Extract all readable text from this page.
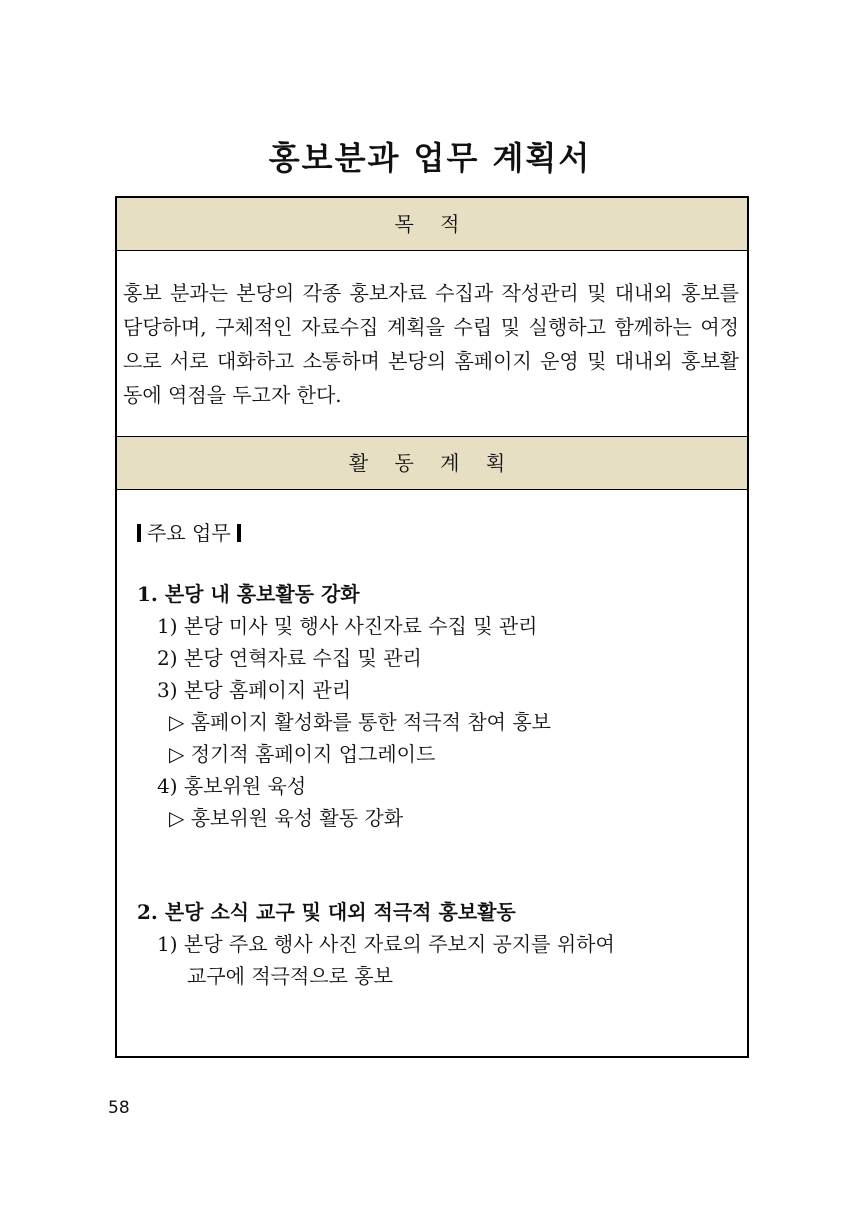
홍보분과 업무 계획서
목 적
홍보 분과는 본당의 각종 홍보자료 수집과 작성관리 및 대내외 홍보를 담당하며, 구체적인 자료수집 계획을 수립 및 실행하고 함께하는 여정으로 서로 대화하고 소통하며 본당의 홈페이지 운영 및 대내외 홍보활동에 역점을 두고자 한다.
활 동 계 획
주요 업무
1. 본당 내 홍보활동 강화
1) 본당 미사 및 행사 사진자료 수집 및 관리
2) 본당 연혁자료 수집 및 관리
3) 본당 홈페이지 관리
▷ 홈페이지 활성화를 통한 적극적 참여 홍보
▷ 정기적 홈페이지 업그레이드
4) 홍보위원 육성
▷ 홍보위원 육성 활동 강화
2. 본당 소식 교구 및 대외 적극적 홍보활동
1) 본당 주요 행사 사진 자료의 주보지 공지를 위하여
교구에 적극적으로 홍보
58
